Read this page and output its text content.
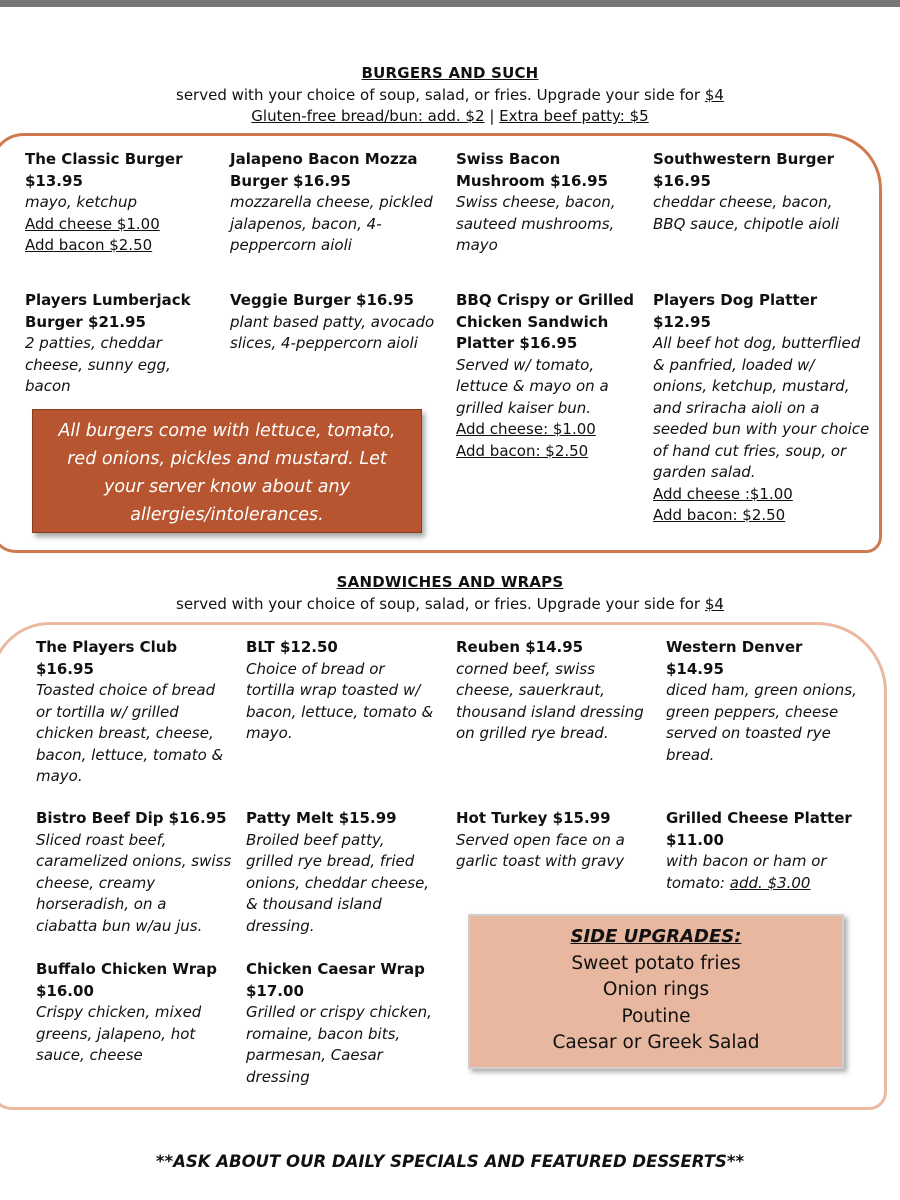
BURGERS AND SUCH
served with your choice of soup, salad, or fries. Upgrade your side for $4
Gluten-free bread/bun: add. $2 | Extra beef patty: $5
The Classic Burger
$13.95
mayo, ketchup
Add cheese $1.00
Add bacon $2.50
Jalapeno Bacon Mozza
Burger $16.95
mozzarella cheese, pickled
jalapenos, bacon, 4-
peppercorn aioli
Swiss Bacon
Mushroom $16.95
Swiss cheese, bacon,
sauteed mushrooms,
mayo
Southwestern Burger
$16.95
cheddar cheese, bacon,
BBQ sauce, chipotle aioli
Players Lumberjack
Burger $21.95
2 patties, cheddar
cheese, sunny egg,
bacon
Veggie Burger $16.95
plant based patty, avocado
slices, 4-peppercorn aioli
BBQ Crispy or Grilled
Chicken Sandwich
Platter $16.95
Served w/ tomato,
lettuce & mayo on a
grilled kaiser bun.
Add cheese: $1.00
Add bacon: $2.50
Players Dog Platter
$12.95
All beef hot dog, butterflied
& panfried, loaded w/
onions, ketchup, mustard,
and sriracha aioli on a
seeded bun with your choice
of hand cut fries, soup, or
garden salad.
Add cheese :$1.00
Add bacon: $2.50
All burgers come with lettuce, tomato,
red onions, pickles and mustard. Let
your server know about any
allergies/intolerances.
SANDWICHES AND WRAPS
served with your choice of soup, salad, or fries. Upgrade your side for $4
The Players Club
$16.95
Toasted choice of bread
or tortilla w/ grilled
chicken breast, cheese,
bacon, lettuce, tomato &
mayo.
BLT $12.50
Choice of bread or
tortilla wrap toasted w/
bacon, lettuce, tomato &
mayo.
Reuben $14.95
corned beef, swiss
cheese, sauerkraut,
thousand island dressing
on grilled rye bread.
Western Denver
$14.95
diced ham, green onions,
green peppers, cheese
served on toasted rye
bread.
Bistro Beef Dip $16.95
Sliced roast beef,
caramelized onions, swiss
cheese, creamy
horseradish, on a
ciabatta bun w/au jus.
Patty Melt $15.99
Broiled beef patty,
grilled rye bread, fried
onions, cheddar cheese,
& thousand island
dressing.
Hot Turkey $15.99
Served open face on a
garlic toast with gravy
Grilled Cheese Platter
$11.00
with bacon or ham or
tomato: add. $3.00
Buffalo Chicken Wrap
$16.00
Crispy chicken, mixed
greens, jalapeno, hot
sauce, cheese
Chicken Caesar Wrap
$17.00
Grilled or crispy chicken,
romaine, bacon bits,
parmesan, Caesar
dressing
SIDE UPGRADES:
Sweet potato fries
Onion rings
Poutine
Caesar or Greek Salad
**ASK ABOUT OUR DAILY SPECIALS AND FEATURED DESSERTS**
